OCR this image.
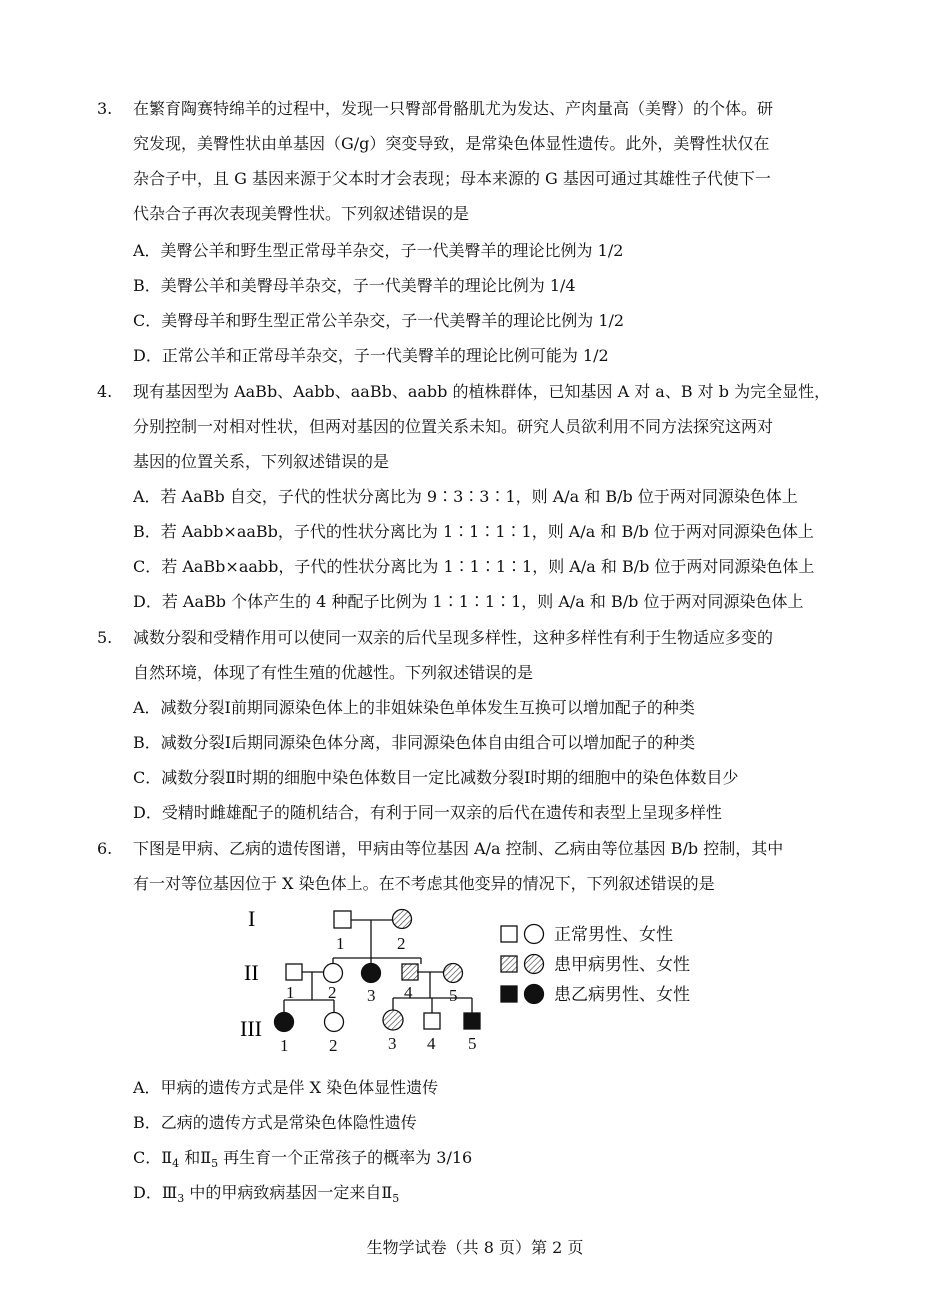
3. 在繁育陶赛特绵羊的过程中，发现一只臀部骨骼肌尤为发达、产肉量高（美臀）的个体。研
究发现，美臀性状由单基因（G/g）突变导致，是常染色体显性遗传。此外，美臀性状仅在
杂合子中，且 G 基因来源于父本时才会表现；母本来源的 G 基因可通过其雄性子代使下一
代杂合子再次表现美臀性状。下列叙述错误的是
A．美臀公羊和野生型正常母羊杂交，子一代美臀羊的理论比例为 1/2
B．美臀公羊和美臀母羊杂交，子一代美臀羊的理论比例为 1/4
C．美臀母羊和野生型正常公羊杂交，子一代美臀羊的理论比例为 1/2
D．正常公羊和正常母羊杂交，子一代美臀羊的理论比例可能为 1/2
4. 现有基因型为 AaBb、Aabb、aaBb、aabb 的植株群体，已知基因 A 对 a、B 对 b 为完全显性，
分别控制一对相对性状，但两对基因的位置关系未知。研究人员欲利用不同方法探究这两对
基因的位置关系，下列叙述错误的是
A．若 AaBb 自交，子代的性状分离比为 9∶3∶3∶1，则 A/a 和 B/b 位于两对同源染色体上
B．若 Aabb×aaBb，子代的性状分离比为 1∶1∶1∶1，则 A/a 和 B/b 位于两对同源染色体上
C．若 AaBb×aabb，子代的性状分离比为 1∶1∶1∶1，则 A/a 和 B/b 位于两对同源染色体上
D．若 AaBb 个体产生的 4 种配子比例为 1∶1∶1∶1，则 A/a 和 B/b 位于两对同源染色体上
5. 减数分裂和受精作用可以使同一双亲的后代呈现多样性，这种多样性有利于生物适应多变的
自然环境，体现了有性生殖的优越性。下列叙述错误的是
A．减数分裂Ⅰ前期同源染色体上的非姐妹染色单体发生互换可以增加配子的种类
B．减数分裂Ⅰ后期同源染色体分离，非同源染色体自由组合可以增加配子的种类
C．减数分裂Ⅱ时期的细胞中染色体数目一定比减数分裂Ⅰ时期的细胞中的染色体数目少
D．受精时雌雄配子的随机结合，有利于同一双亲的后代在遗传和表型上呈现多样性
6. 下图是甲病、乙病的遗传图谱，甲病由等位基因 A/a 控制、乙病由等位基因 B/b 控制，其中
有一对等位基因位于 X 染色体上。在不考虑其他变异的情况下，下列叙述错误的是
I
II
III
1	2
1 2 3 4 5
1 2	3 4 5
正常男性、女性
患甲病男性、女性
患乙病男性、女性
A．甲病的遗传方式是伴 X 染色体显性遗传
B．乙病的遗传方式是常染色体隐性遗传
C．$Ⅱ_4$ 和$Ⅱ_5$ 再生育一个正常孩子的概率为 3/16
D．$Ⅲ_3$ 中的甲病致病基因一定来自$Ⅱ_5$
生物学试卷（共 8 页）第 2 页
